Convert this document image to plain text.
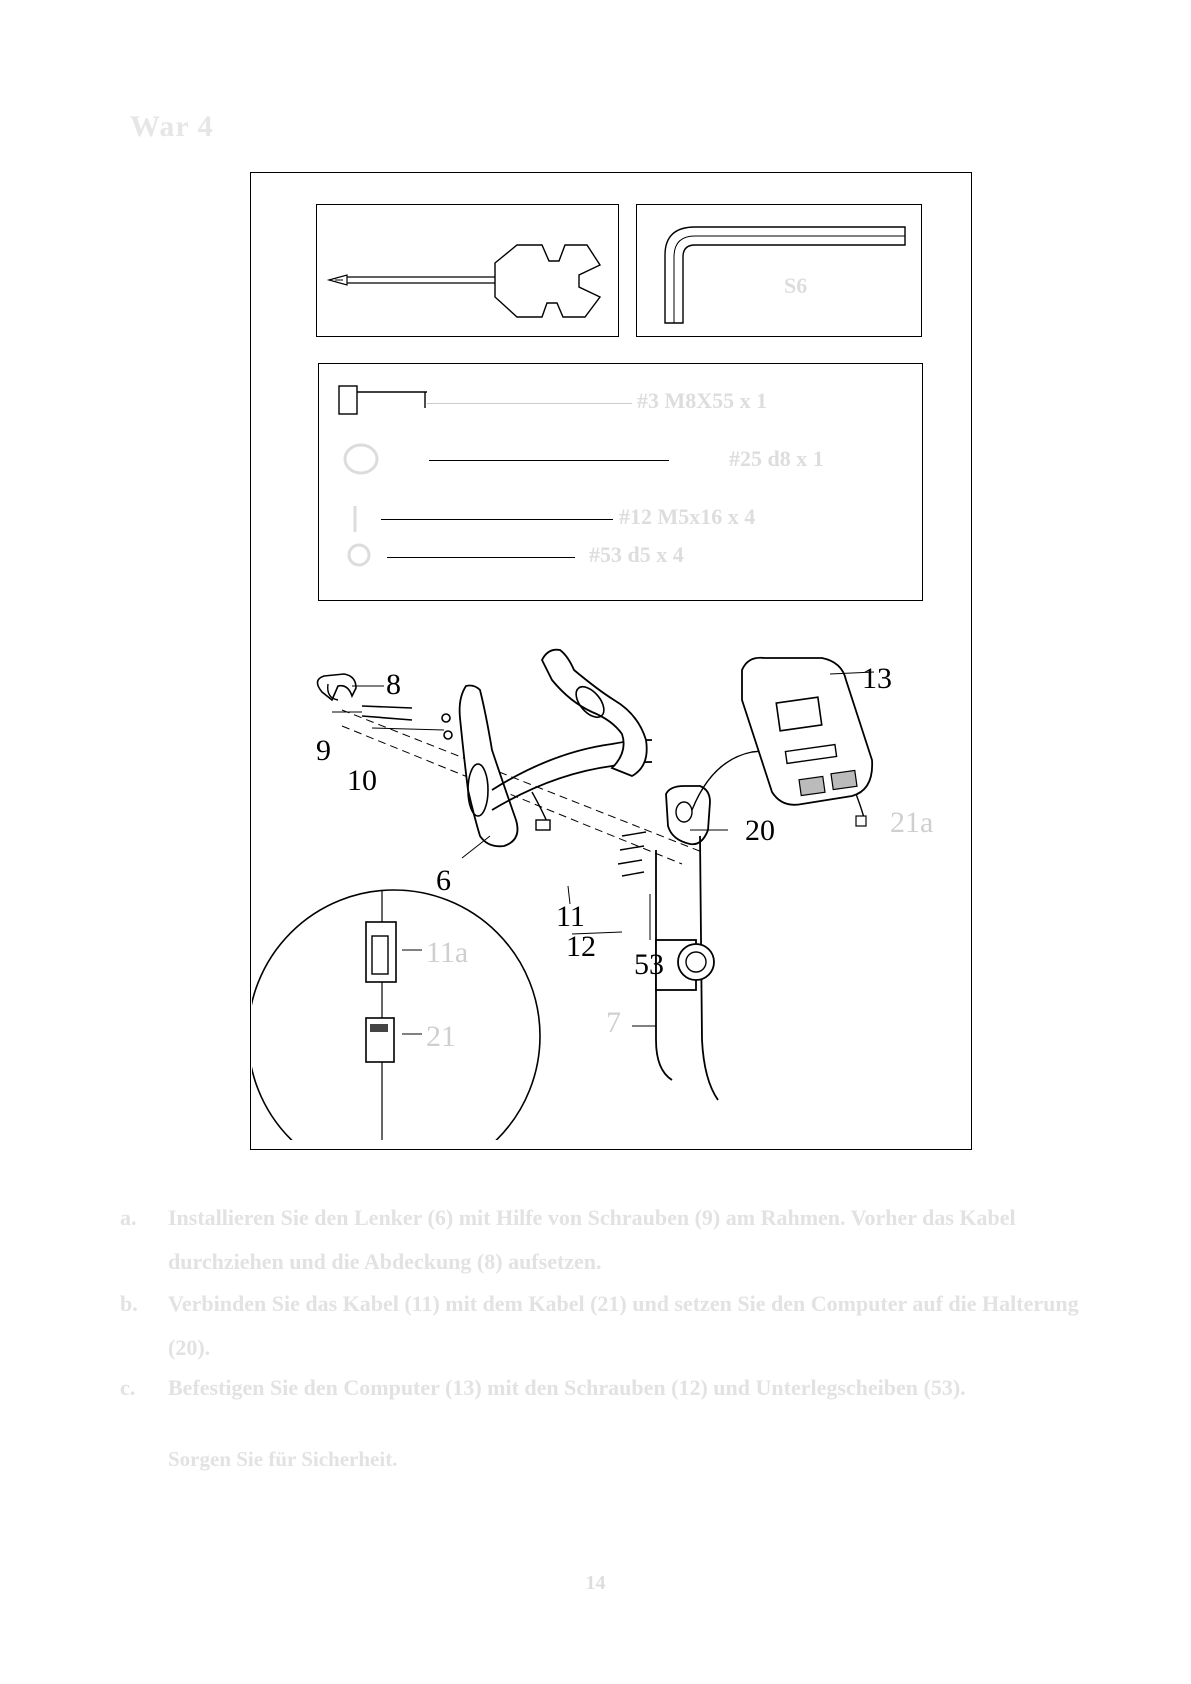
War 4
S6
#3 M8X55 x 1
#25 d8 x 1
#12 M5x16 x 4
#53 d5 x 4
8
9
10
13
20	21a
6
11
12
53
11a
21	7
a. Installieren Sie den Lenker (6) mit Hilfe von Schrauben (9) am Rahmen. Vorher das Kabel durchziehen und die Abdeckung (8) aufsetzen.
b. Verbinden Sie das Kabel (11) mit dem Kabel (21) und setzen Sie den Computer auf die Halterung (20).
c. Befestigen Sie den Computer (13) mit den Schrauben (12) und Unterlegscheiben (53).
Sorgen Sie für Sicherheit.
14
